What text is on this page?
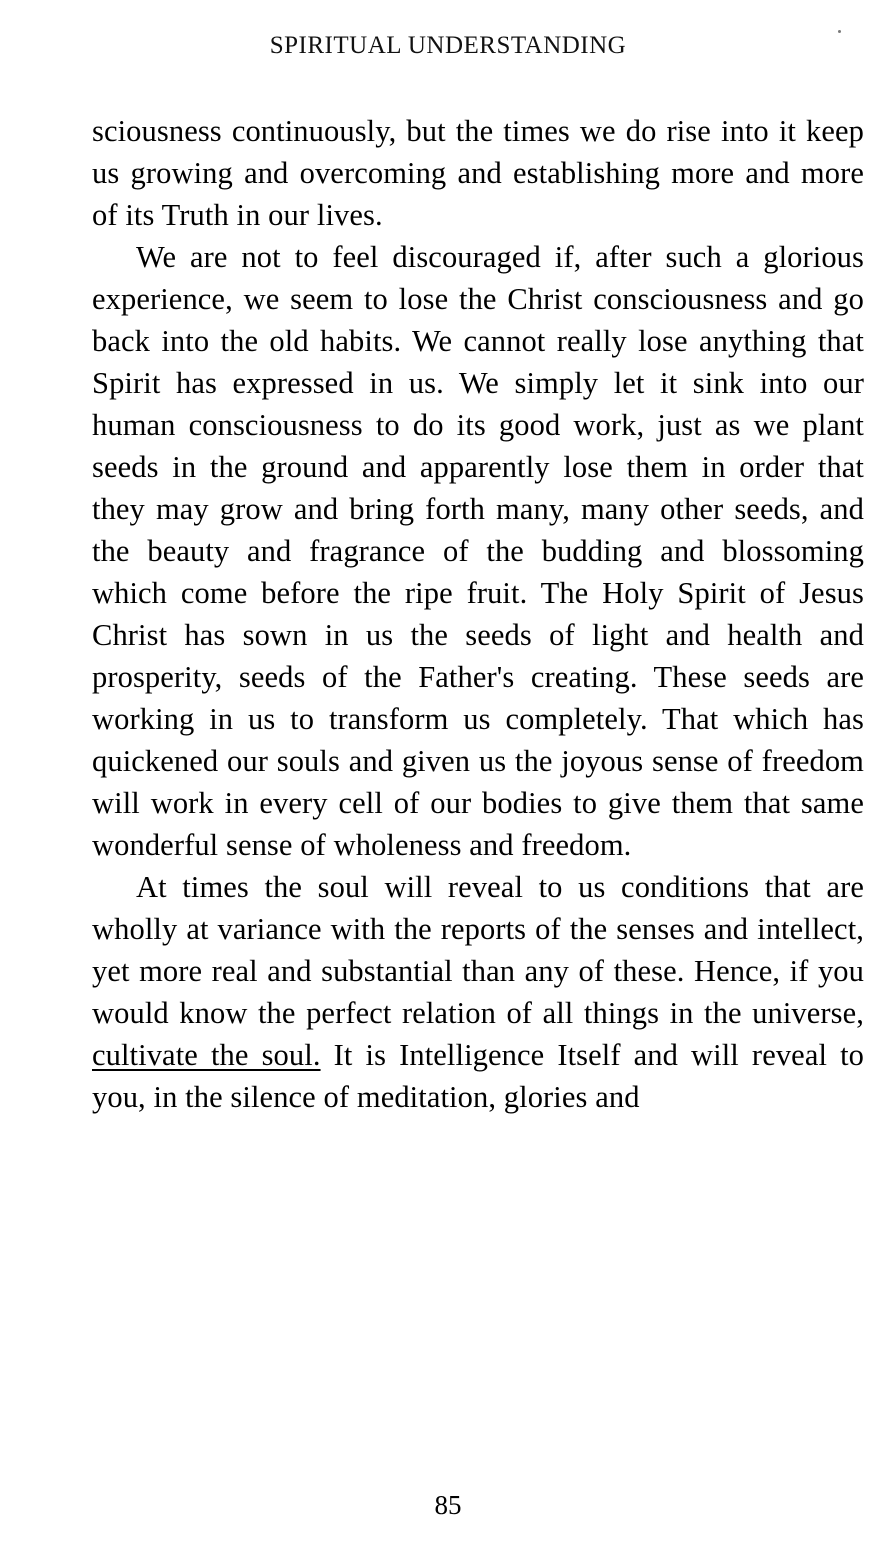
SPIRITUAL UNDERSTANDING

sciousness continuously, but the times we do rise into it keep us growing and overcoming and establishing more and more of its Truth in our lives.

We are not to feel discouraged if, after such a glorious experience, we seem to lose the Christ consciousness and go back into the old habits. We cannot really lose anything that Spirit has expressed in us. We simply let it sink into our human consciousness to do its good work, just as we plant seeds in the ground and apparently lose them in order that they may grow and bring forth many, many other seeds, and the beauty and fragrance of the budding and blossoming which come before the ripe fruit. The Holy Spirit of Jesus Christ has sown in us the seeds of light and health and prosperity, seeds of the Father's creating. These seeds are working in us to transform us completely. That which has quickened our souls and given us the joyous sense of freedom will work in every cell of our bodies to give them that same wonderful sense of wholeness and freedom.

At times the soul will reveal to us conditions that are wholly at variance with the reports of the senses and intellect, yet more real and substantial than any of these. Hence, if you would know the perfect relation of all things in the universe, cultivate the soul. It is Intelligence Itself and will reveal to you, in the silence of meditation, glories and

85
